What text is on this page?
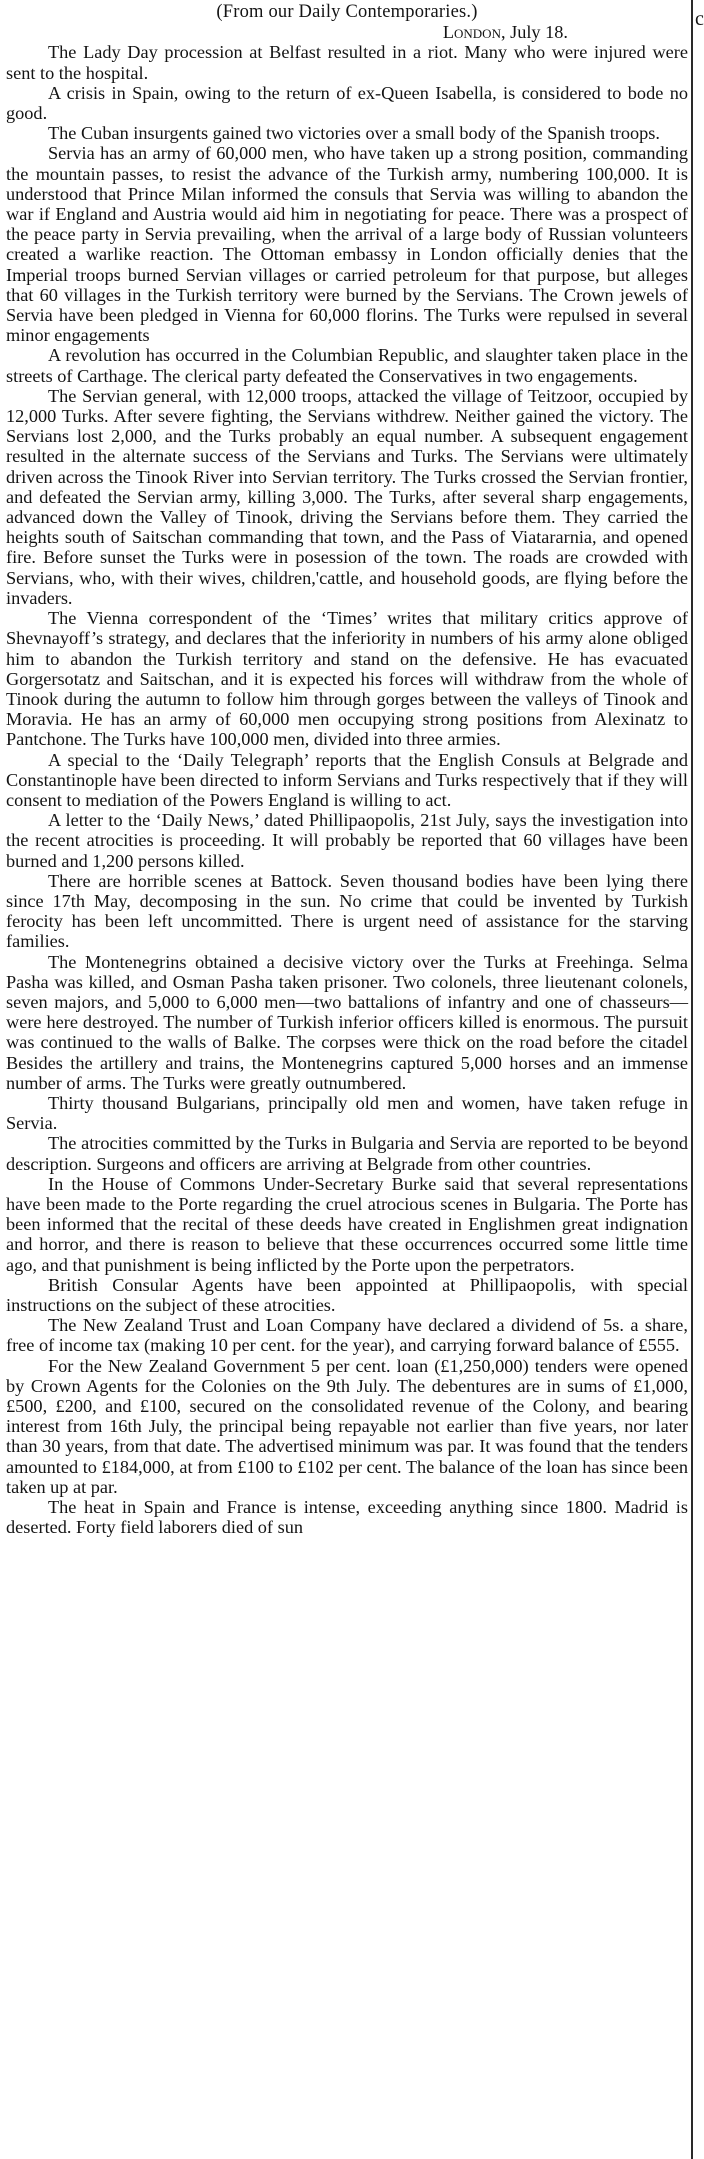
(From our Daily Contemporaries.)

London, July 18.

The Lady Day procession at Belfast resulted in a riot. Many who were injured were sent to the hospital.

A crisis in Spain, owing to the return of ex-Queen Isabella, is considered to bode no good.

The Cuban insurgents gained two victories over a small body of the Spanish troops.

Servia has an army of 60,000 men, who have taken up a strong position, commanding the mountain passes, to resist the advance of the Turkish army, numbering 100,000. It is understood that Prince Milan informed the consuls that Servia was willing to abandon the war if England and Austria would aid him in negotiating for peace. There was a prospect of the peace party in Servia prevailing, when the arrival of a large body of Russian volunteers created a warlike reaction. The Ottoman embassy in London officially denies that the Imperial troops burned Servian villages or carried petroleum for that purpose, but alleges that 60 villages in the Turkish territory were burned by the Servians. The Crown jewels of Servia have been pledged in Vienna for 60,000 florins. The Turks were repulsed in several minor engagements

A revolution has occurred in the Columbian Republic, and slaughter taken place in the streets of Carthage. The clerical party defeated the Conservatives in two engagements.

The Servian general, with 12,000 troops, attacked the village of Teitzoor, occupied by 12,000 Turks. After severe fighting, the Servians withdrew. Neither gained the victory. The Servians lost 2,000, and the Turks probably an equal number. A subsequent engagement resulted in the alternate success of the Servians and Turks. The Servians were ultimately driven across the Tinook River into Servian territory. The Turks crossed the Servian frontier, and defeated the Servian army, killing 3,000. The Turks, after several sharp engagements, advanced down the Valley of Tinook, driving the Servians before them. They carried the heights south of Saitschan commanding that town, and the Pass of Viatararnia, and opened fire. Before sunset the Turks were in posession of the town. The roads are crowded with Servians, who, with their wives, children,'cattle, and household goods, are flying before the invaders.

The Vienna correspondent of the ‘Times’ writes that military critics approve of Shevnayoff’s strategy, and declares that the inferiority in numbers of his army alone obliged him to abandon the Turkish territory and stand on the defensive. He has evacuated Gorgersotatz and Saitschan, and it is expected his forces will withdraw from the whole of Tinook during the autumn to follow him through gorges between the valleys of Tinook and Moravia. He has an army of 60,000 men occupying strong positions from Alexinatz to Pantchone. The Turks have 100,000 men, divided into three armies.

A special to the ‘Daily Telegraph’ reports that the English Consuls at Belgrade and Constantinople have been directed to inform Servians and Turks respectively that if they will consent to mediation of the Powers England is willing to act.

A letter to the ‘Daily News,’ dated Phillipaopolis, 21st July, says the investigation into the recent atrocities is proceeding. It will probably be reported that 60 villages have been burned and 1,200 persons killed.

There are horrible scenes at Battock. Seven thousand bodies have been lying there since 17th May, decomposing in the sun. No crime that could be invented by Turkish ferocity has been left uncommitted. There is urgent need of assistance for the starving families.

The Montenegrins obtained a decisive victory over the Turks at Freehinga. Selma Pasha was killed, and Osman Pasha taken prisoner. Two colonels, three lieutenant colonels, seven majors, and 5,000 to 6,000 men—two battalions of infantry and one of chasseurs—were here destroyed. The number of Turkish inferior officers killed is enormous. The pursuit was continued to the walls of Balke. The corpses were thick on the road before the citadel Besides the artillery and trains, the Montenegrins captured 5,000 horses and an immense number of arms. The Turks were greatly outnumbered.

Thirty thousand Bulgarians, principally old men and women, have taken refuge in Servia.

The atrocities committed by the Turks in Bulgaria and Servia are reported to be beyond description. Surgeons and officers are arriving at Belgrade from other countries.

In the House of Commons Under-Secretary Burke said that several representations have been made to the Porte regarding the cruel atrocious scenes in Bulgaria. The Porte has been informed that the recital of these deeds have created in Englishmen great indignation and horror, and there is reason to believe that these occurrences occurred some little time ago, and that punishment is being inflicted by the Porte upon the perpetrators.

British Consular Agents have been appointed at Phillipaopolis, with special instructions on the subject of these atrocities.

The New Zealand Trust and Loan Company have declared a dividend of 5s. a share, free of income tax (making 10 per cent. for the year), and carrying forward balance of £555.

For the New Zealand Government 5 per cent. loan (£1,250,000) tenders were opened by Crown Agents for the Colonies on the 9th July. The debentures are in sums of £1,000, £500, £200, and £100, secured on the consolidated revenue of the Colony, and bearing interest from 16th July, the principal being repayable not earlier than five years, nor later than 30 years, from that date. The advertised minimum was par. It was found that the tenders amounted to £184,000, at from £100 to £102 per cent. The balance of the loan has since been taken up at par.

The heat in Spain and France is intense, exceeding anything since 1800. Madrid is deserted. Forty field laborers died of sun

c
